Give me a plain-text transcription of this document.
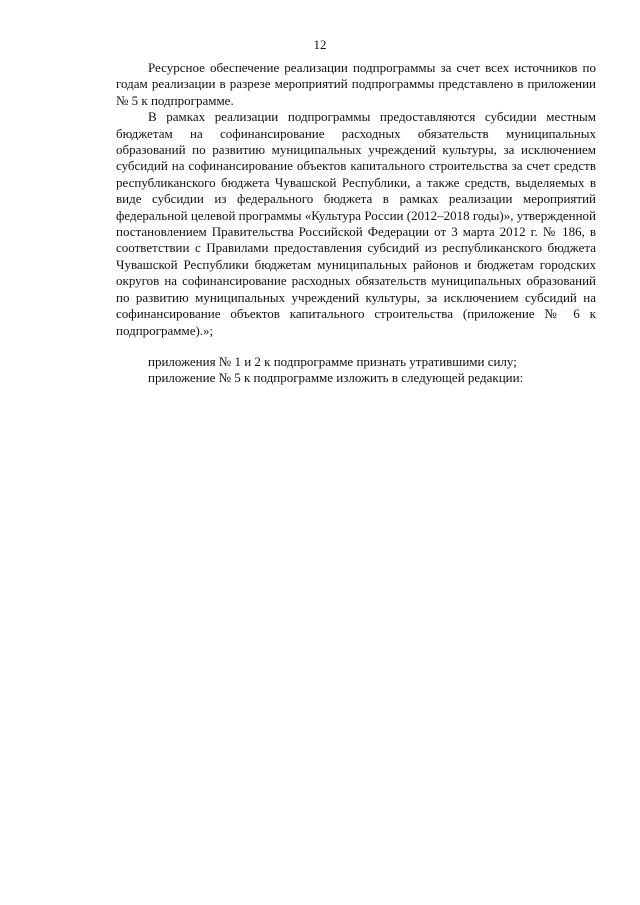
12

Ресурсное обеспечение реализации подпрограммы за счет всех источников по годам реализации в разрезе мероприятий подпрограммы представлено в приложении № 5 к подпрограмме.

В рамках реализации подпрограммы предоставляются субсидии местным бюджетам на софинансирование расходных обязательств муниципальных образований по развитию муниципальных учреждений культуры, за исключением субсидий на софинансирование объектов капитального строительства за счет средств республиканского бюджета Чувашской Республики, а также средств, выделяемых в виде субсидии из федерального бюджета в рамках реализации мероприятий федеральной целевой программы «Культура России (2012–2018 годы)», утвержденной постановлением Правительства Российской Федерации от 3 марта 2012 г. № 186, в соответствии с Правилами предоставления субсидий из республиканского бюджета Чувашской Республики бюджетам муниципальных районов и бюджетам городских округов на софинансирование расходных обязательств муниципальных образований по развитию муниципальных учреждений культуры, за исключением субсидий на софинансирование объектов капитального строительства (приложение № 6 к подпрограмме).»;

приложения № 1 и 2 к подпрограмме признать утратившими силу;

приложение № 5 к подпрограмме изложить в следующей редакции:
